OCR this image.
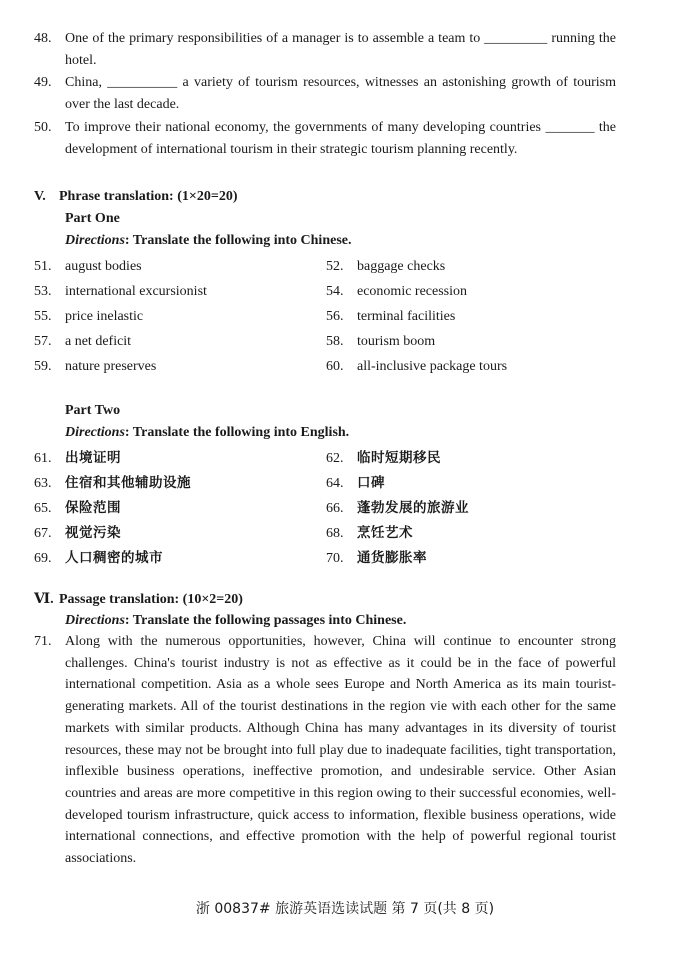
48. One of the primary responsibilities of a manager is to assemble a team to _________ running the hotel.
49. China, __________ a variety of tourism resources, witnesses an astonishing growth of tourism over the last decade.
50. To improve their national economy, the governments of many developing countries _______ the development of international tourism in their strategic tourism planning recently.
V. Phrase translation: (1×20=20)
Part One
Directions: Translate the following into Chinese.
51. august bodies	52. baggage checks
53. international excursionist	54. economic recession
55. price inelastic	56. terminal facilities
57. a net deficit	58. tourism boom
59. nature preserves	60. all-inclusive package tours
Part Two
Directions: Translate the following into English.
61. 出境证明	62. 临时短期移民
63. 住宿和其他辅助设施	64. 口碑
65. 保险范围	66. 蓬勃发展的旅游业
67. 视觉污染	68. 烹饪艺术
69. 人口稠密的城市	70. 通货膨胀率
Ⅵ. Passage translation: (10×2=20)
Directions: Translate the following passages into Chinese.
71. Along with the numerous opportunities, however, China will continue to encounter strong challenges. China's tourist industry is not as effective as it could be in the face of powerful international competition. Asia as a whole sees Europe and North America as its main tourist-generating markets. All of the tourist destinations in the region vie with each other for the same markets with similar products. Although China has many advantages in its diversity of tourist resources, these may not be brought into full play due to inadequate facilities, tight transportation, inflexible business operations, ineffective promotion, and undesirable service. Other Asian countries and areas are more competitive in this region owing to their successful economies, well-developed tourism infrastructure, quick access to information, flexible business operations, wide international connections, and effective promotion with the help of powerful regional tourist associations.
浙 00837# 旅游英语选读试题 第 7 页(共 8 页)
